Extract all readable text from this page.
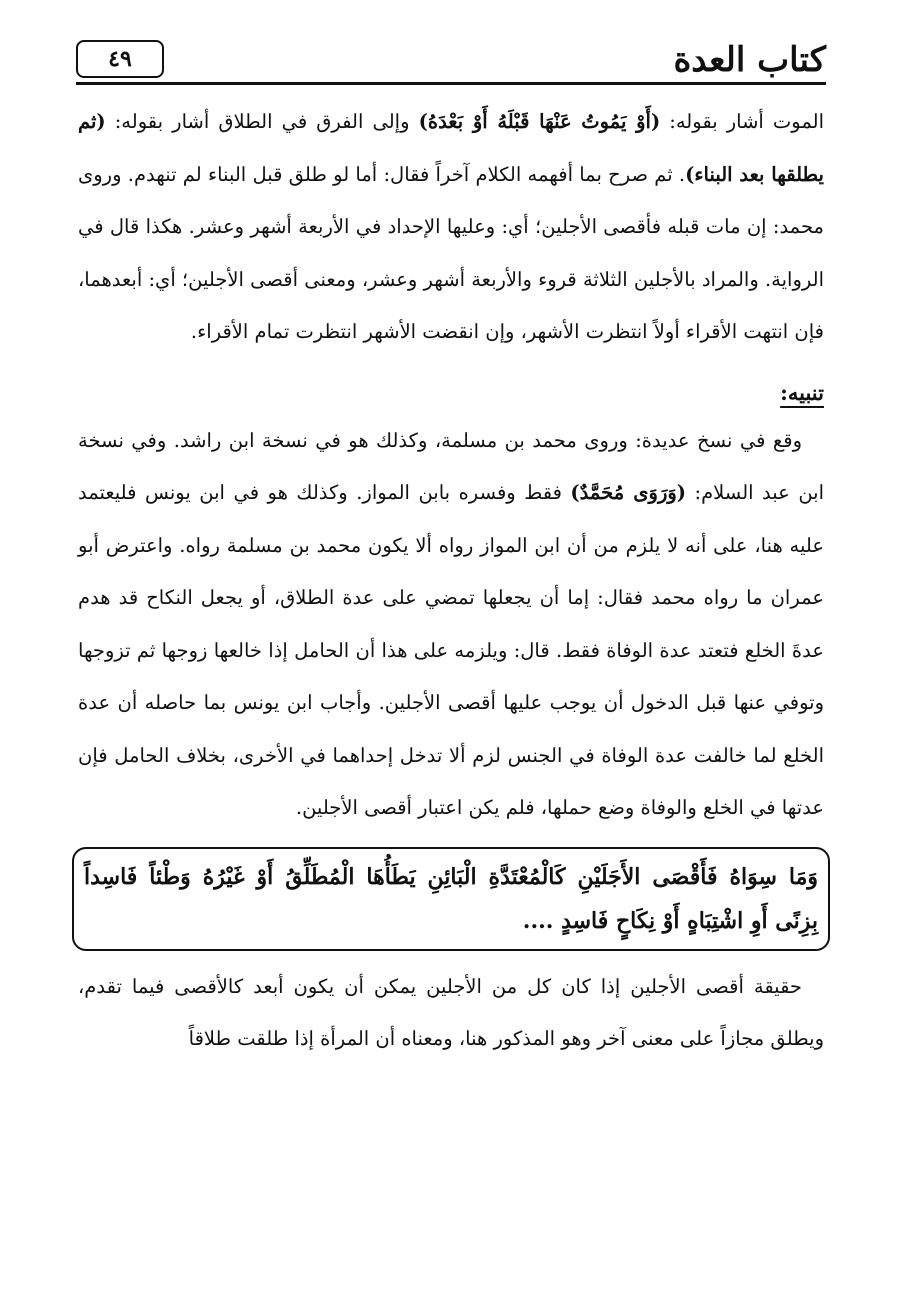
كتاب العدة
٤٩

الموت أشار بقوله: (أَوْ يَمُوتُ عَنْهَا قَبْلَهُ أَوْ بَعْدَهُ) وإلى الفرق في الطلاق أشار بقوله: (ثم يطلقها بعد البناء). ثم صرح بما أفهمه الكلام آخراً فقال: أما لو طلق قبل البناء لم تنهدم. وروى محمد: إن مات قبله فأقصى الأجلين؛ أي: وعليها الإحداد في الأربعة أشهر وعشر. هكذا قال في الرواية. والمراد بالأجلين الثلاثة قروء والأربعة أشهر وعشر، ومعنى أقصى الأجلين؛ أي: أبعدهما، فإن انتهت الأقراء أولاً انتظرت الأشهر، وإن انقضت الأشهر انتظرت تمام الأقراء.

تنبيه:

وقع في نسخ عديدة: وروى محمد بن مسلمة، وكذلك هو في نسخة ابن راشد. وفي نسخة ابن عبد السلام: (وَرَوَى مُحَمَّدٌ) فقط وفسره بابن المواز. وكذلك هو في ابن يونس فليعتمد عليه هنا، على أنه لا يلزم من أن ابن المواز رواه ألا يكون محمد بن مسلمة رواه. واعترض أبو عمران ما رواه محمد فقال: إما أن يجعلها تمضي على عدة الطلاق، أو يجعل النكاح قد هدم عدةَ الخلع فتعتد عدة الوفاة فقط. قال: ويلزمه على هذا أن الحامل إذا خالعها زوجها ثم تزوجها وتوفي عنها قبل الدخول أن يوجب عليها أقصى الأجلين. وأجاب ابن يونس بما حاصله أن عدة الخلع لما خالفت عدة الوفاة في الجنس لزم ألا تدخل إحداهما في الأخرى، بخلاف الحامل فإن عدتها في الخلع والوفاة وضع حملها، فلم يكن اعتبار أقصى الأجلين.

وَمَا سِوَاهُ فَأَقْصَى الأَجَلَيْنِ كَالْمُعْتَدَّةِ الْبَائِنِ يَطَأُهَا الْمُطَلِّقُ أَوْ غَيْرُهُ وَطْئاً فَاسِداً بِزِنًى أَوِ اشْتِبَاهٍ أَوْ نِكَاحٍ فَاسِدٍ ....

حقيقة أقصى الأجلين إذا كان كل من الأجلين يمكن أن يكون أبعد كالأقصى فيما تقدم، ويطلق مجازاً على معنى آخر وهو المذكور هنا، ومعناه أن المرأة إذا طلقت طلاقاً
